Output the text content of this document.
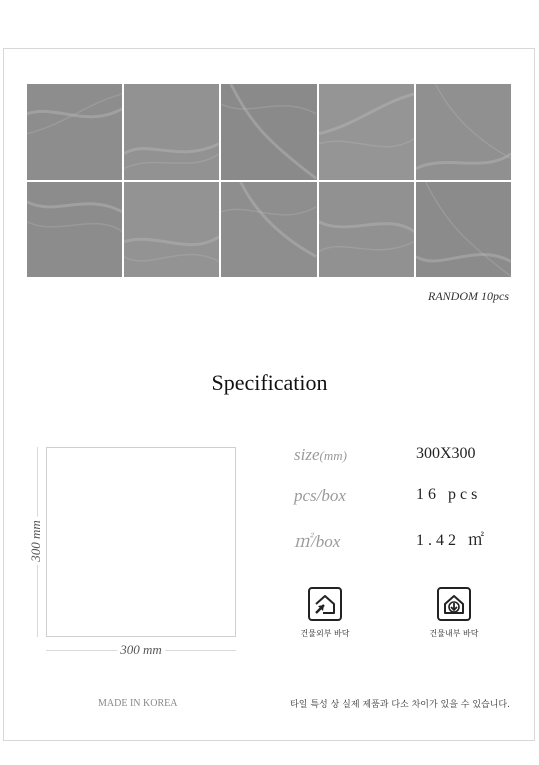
RANDOM 10pcs
Specification
300 mm
300 mm
size(mm)	300X300
pcs/box	16 pcs
㎡/box	1.42 ㎡
건물외부 바닥	건물내부 바닥
MADE IN KOREA	타일 특성 상 실제 제품과 다소 차이가 있을 수 있습니다.
